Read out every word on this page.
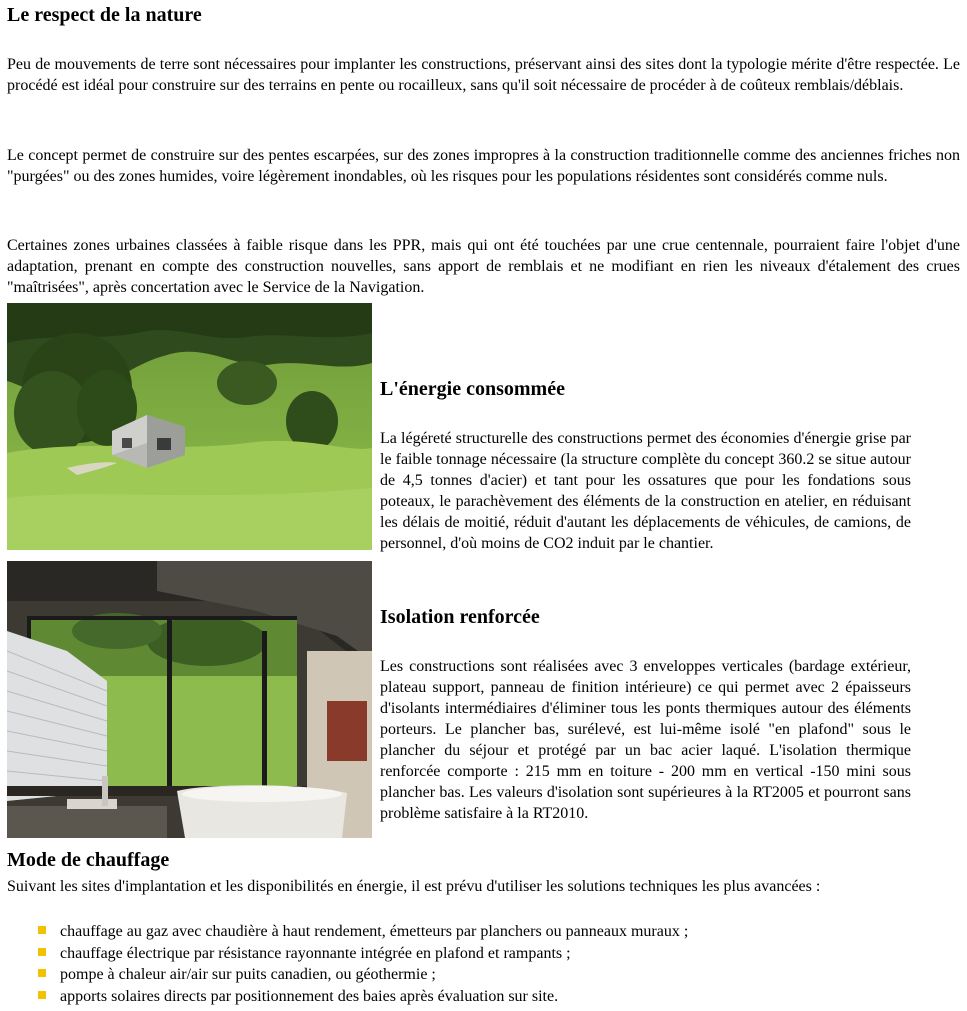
Le respect de la nature

Peu de mouvements de terre sont nécessaires pour implanter les constructions, préservant ainsi des sites dont la typologie mérite d'être respectée. Le procédé est idéal pour construire sur des terrains en pente ou rocailleux, sans qu'il soit nécessaire de procéder à de coûteux remblais/déblais.

Le concept permet de construire sur des pentes escarpées, sur des zones impropres à la construction traditionnelle comme des anciennes friches non "purgées" ou des zones humides, voire légèrement inondables, où les risques pour les populations résidentes sont considérés comme nuls.

Certaines zones urbaines classées à faible risque dans les PPR, mais qui ont été touchées par une crue centennale, pourraient faire l'objet d'une adaptation, prenant en compte des construction nouvelles, sans apport de remblais et ne modifiant en rien les niveaux d'étalement des crues "maîtrisées", après concertation avec le Service de la Navigation.

L'énergie consommée

La légéreté structurelle des constructions permet des économies d'énergie grise par le faible tonnage nécessaire (la structure complète du concept 360.2 se situe autour de 4,5 tonnes d'acier) et tant pour les ossatures que pour les fondations sous poteaux, le parachèvement des éléments de la construction en atelier, en réduisant les délais de moitié, réduit d'autant les déplacements de véhicules, de camions, de personnel, d'où moins de CO2 induit par le chantier.

Isolation renforcée

Les constructions sont réalisées avec 3 enveloppes verticales (bardage extérieur, plateau support, panneau de finition intérieure) ce qui permet avec 2 épaisseurs d'isolants intermédiaires d'éliminer tous les ponts thermiques autour des éléments porteurs. Le plancher bas, surélevé, est lui-même isolé "en plafond" sous le plancher du séjour et protégé par un bac acier laqué. L'isolation thermique renforcée comporte : 215 mm en toiture - 200 mm en vertical -150 mini sous plancher bas. Les valeurs d'isolation sont supérieures à la RT2005 et pourront sans problème satisfaire à la RT2010.

Mode de chauffage

Suivant les sites d'implantation et les disponibilités en énergie, il est prévu d'utiliser les solutions techniques les plus avancées :

chauffage au gaz avec chaudière à haut rendement, émetteurs par planchers ou panneaux muraux ;
chauffage électrique par résistance rayonnante intégrée en plafond et rampants ;
pompe à chaleur air/air sur puits canadien, ou géothermie ;
apports solaires directs par positionnement des baies après évaluation sur site.
